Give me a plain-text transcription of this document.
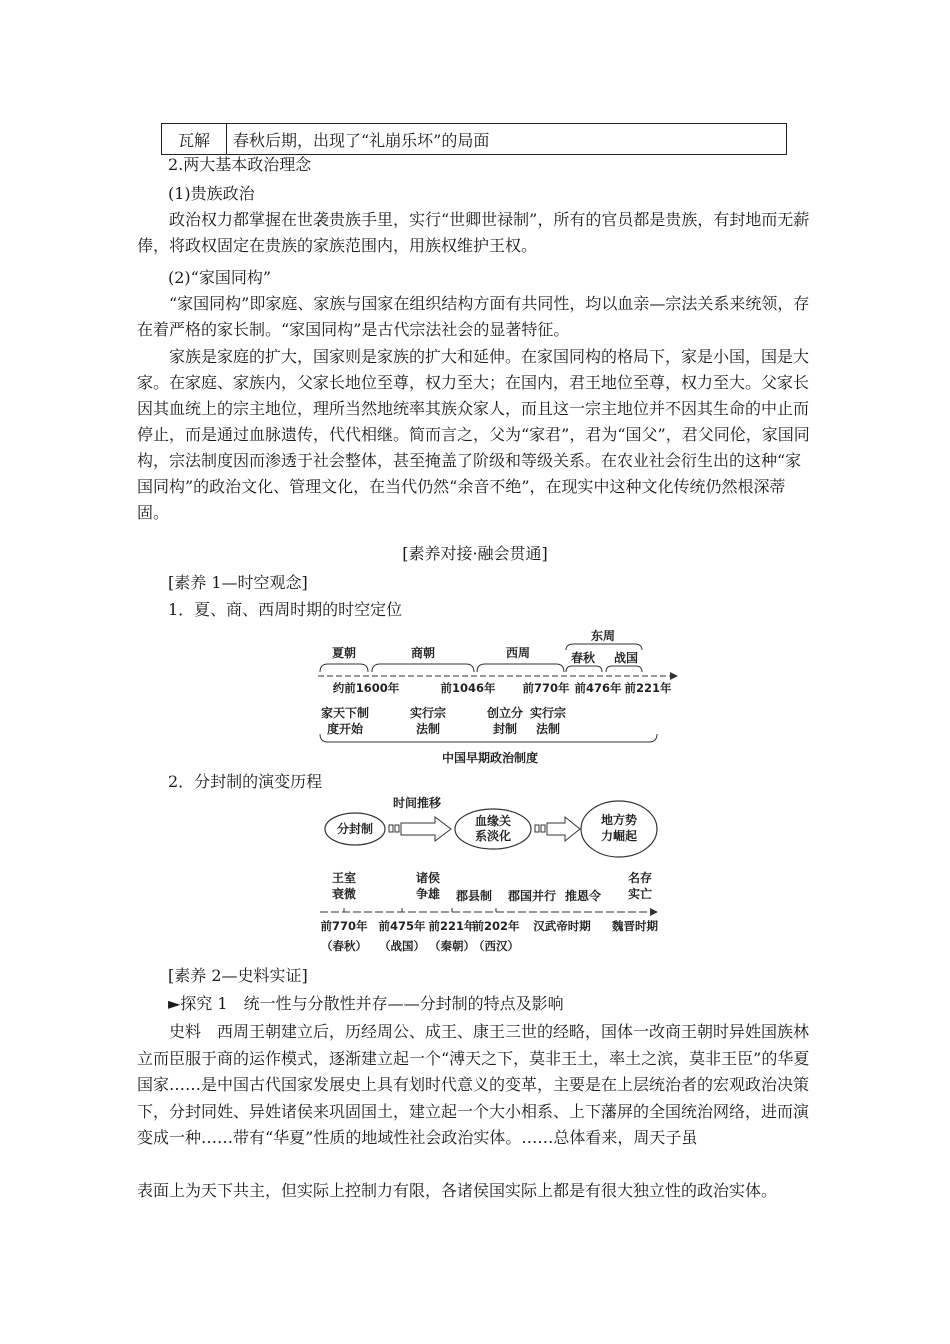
瓦解	春秋后期，出现了“礼崩乐坏”的局面
2.两大基本政治理念
(1)贵族政治
政治权力都掌握在世袭贵族手里，实行“世卿世禄制”，所有的官员都是贵族，有封地而无薪俸，将政权固定在贵族的家族范围内，用族权维护王权。
(2)“家国同构”
“家国同构”即家庭、家族与国家在组织结构方面有共同性，均以血亲—宗法关系来统领，存在着严格的家长制。“家国同构”是古代宗法社会的显著特征。
家族是家庭的扩大，国家则是家族的扩大和延伸。在家国同构的格局下，家是小国，国是大家。在家庭、家族内，父家长地位至尊，权力至大；在国内，君王地位至尊，权力至大。父家长因其血统上的宗主地位，理所当然地统率其族众家人，而且这一宗主地位并不因其生命的中止而停止，而是通过血脉遗传，代代相继。简而言之，父为“家君”，君为“国父”，君父同伦，家国同构，宗法制度因而渗透于社会整体，甚至掩盖了阶级和等级关系。在农业社会衍生出的这种“家国同构”的政治文化、管理文化，在当代仍然“余音不绝”，在现实中这种文化传统仍然根深蒂固。
[素养对接·融会贯通]
[素养 1—时空观念]
1．夏、商、西周时期的时空定位
夏朝	商朝	西周
东周
春秋 战国
约前1600年	前1046年 前770年 前476年 前221年
家天下制
度开始
实行宗
法制
创立分
封制
实行宗
法制
中国早期政治制度
2．分封制的演变历程
分封制
时间推移
血缘关
系淡化
地方势
力崛起
王室
衰微
诸侯
争雄 郡县制 郡国并行 推恩令
名存
实亡
前770年 前475年 前221年
前202年 汉武帝时期 魏晋时期
（春秋） （战国） （秦朝）
（西汉）
[素养 2—史料实证]
►探究 1　统一性与分散性并存——分封制的特点及影响
史料　西周王朝建立后，历经周公、成王、康王三世的经略，国体一改商王朝时异姓国族林立而臣服于商的运作模式，逐渐建立起一个“溥天之下，莫非王土，率土之滨，莫非王臣”的华夏国家……是中国古代国家发展史上具有划时代意义的变革，主要是在上层统治者的宏观政治决策下，分封同姓、异姓诸侯来巩固国土，建立起一个大小相系、上下藩屏的全国统治网络，进而演变成一种……带有“华夏”性质的地域性社会政治实体。……总体看来，周天子虽
表面上为天下共主，但实际上控制力有限，各诸侯国实际上都是有很大独立性的政治实体。
